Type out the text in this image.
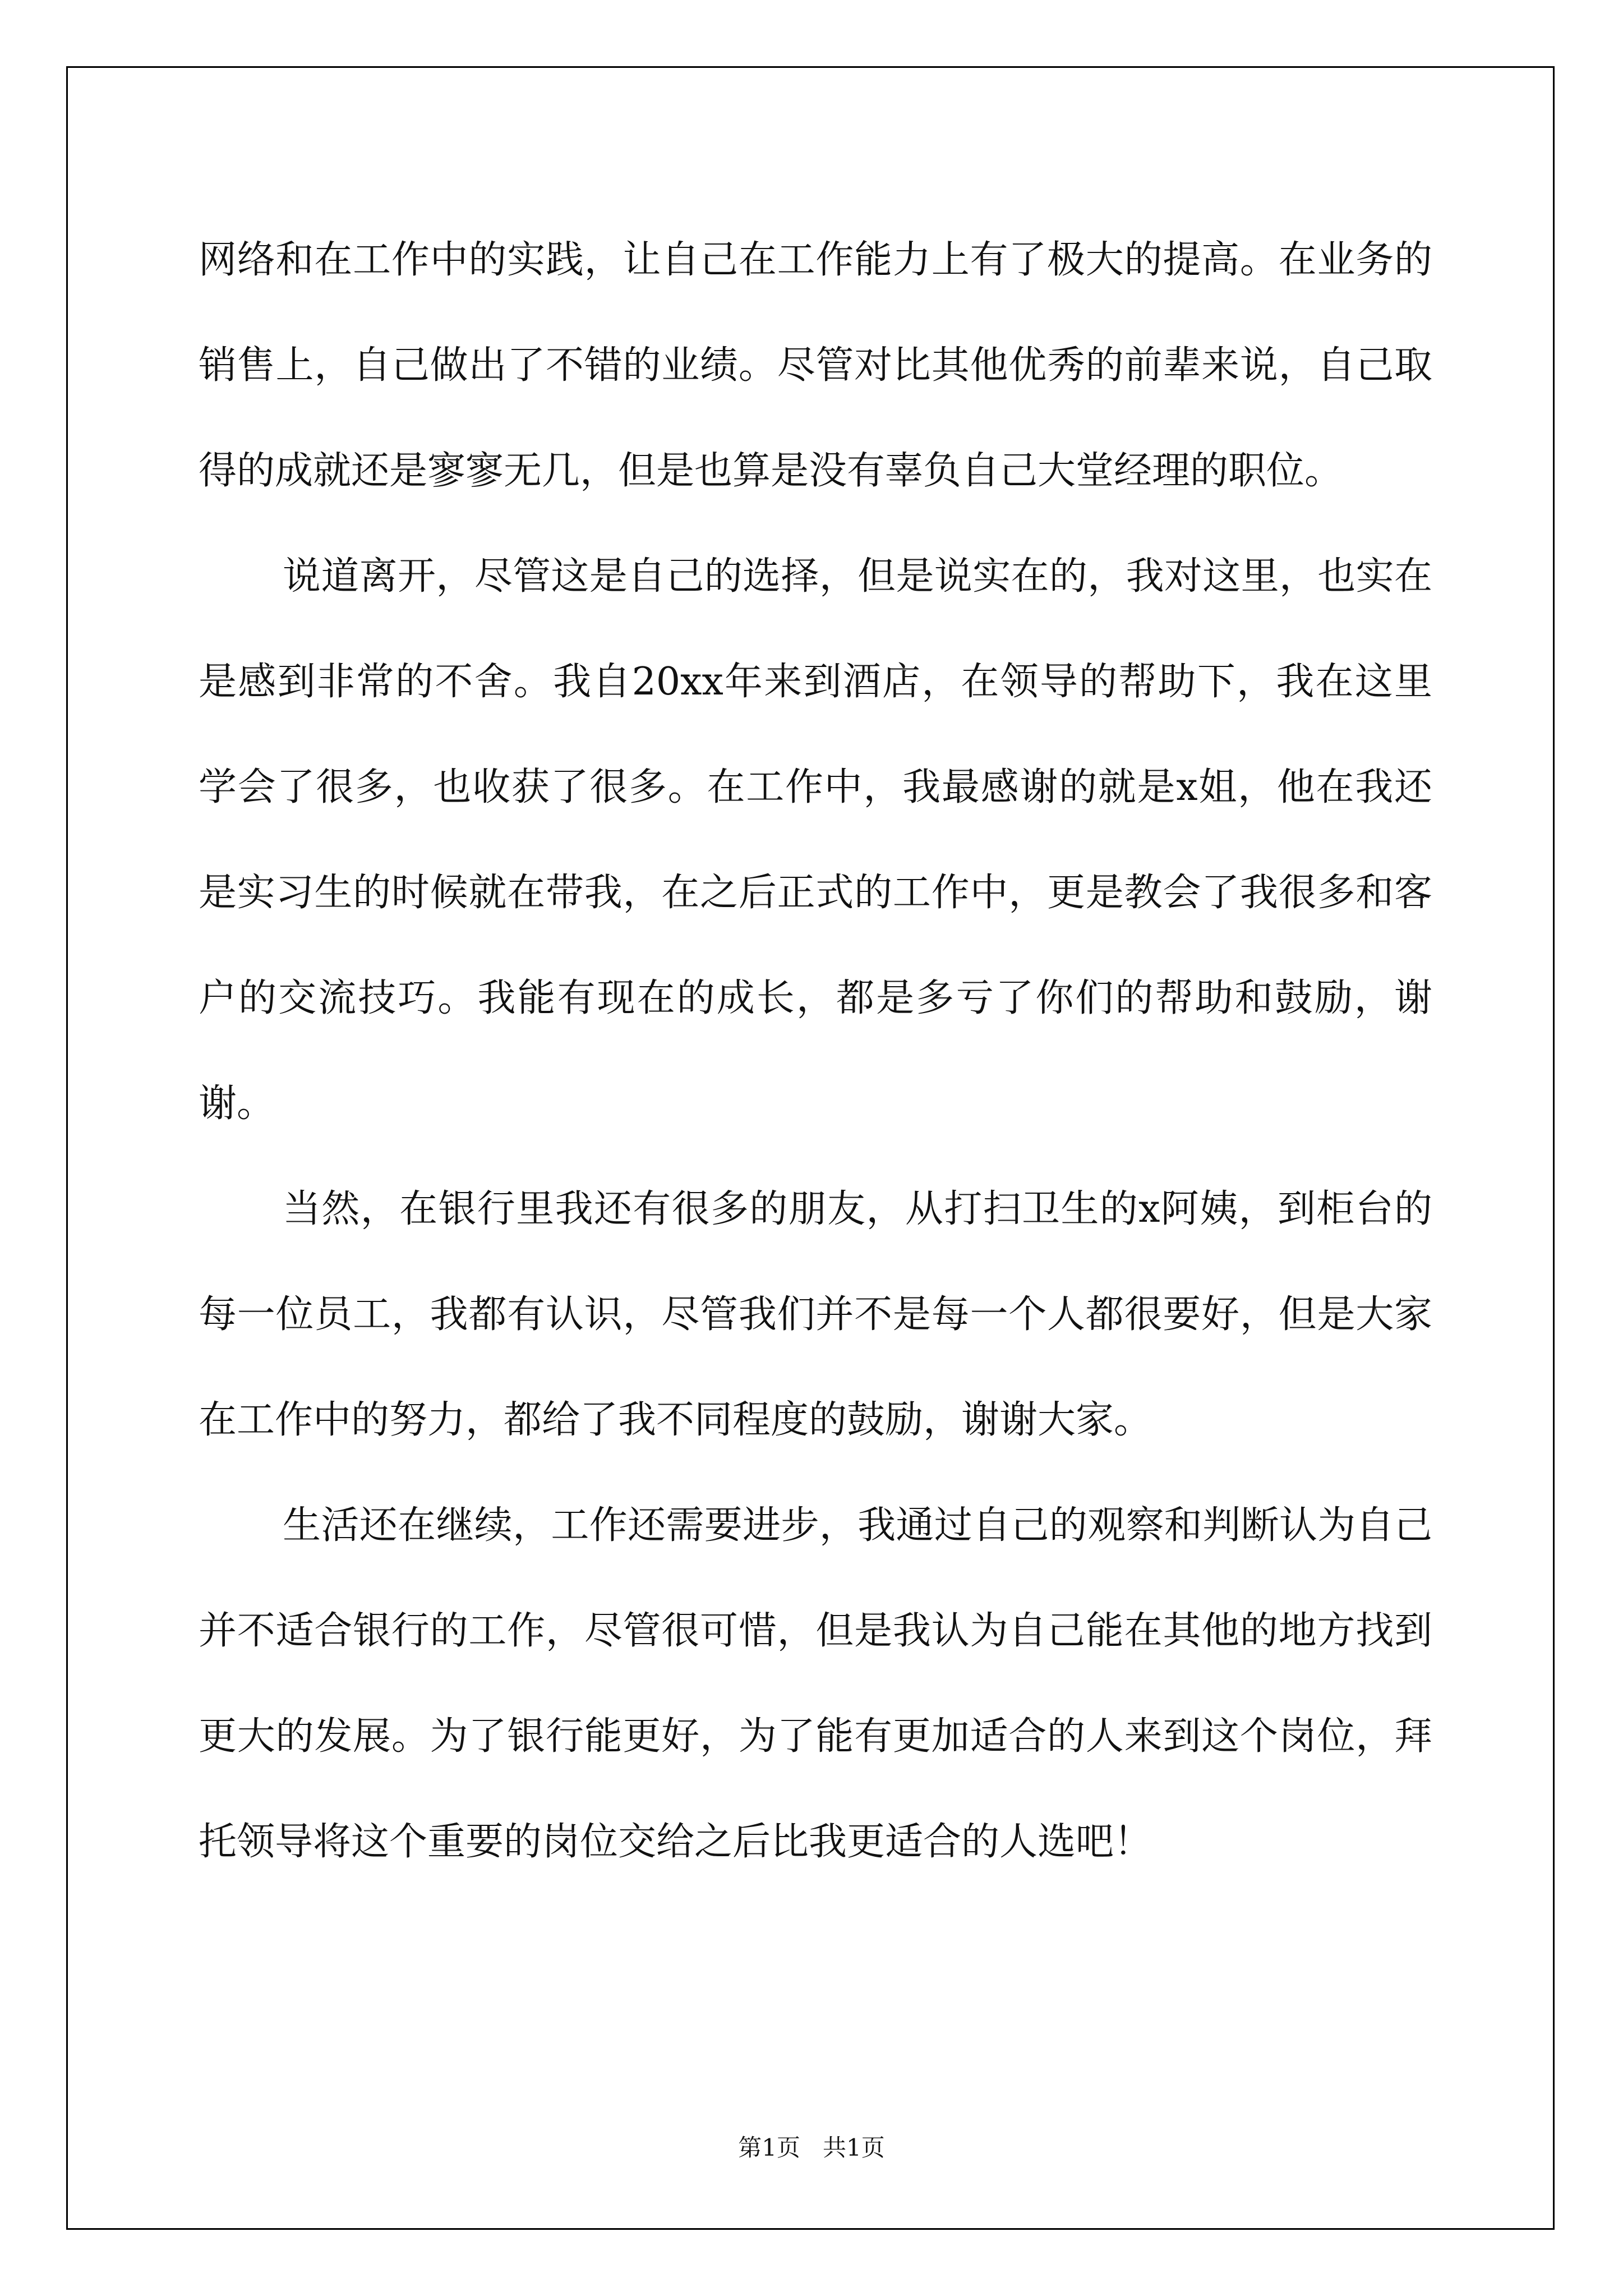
网络和在工作中的实践，让自己在工作能力上有了极大的提高。在业务的销售上，自己做出了不错的业绩。尽管对比其他优秀的前辈来说，自己取得的成就还是寥寥无几，但是也算是没有辜负自己大堂经理的职位。

说道离开，尽管这是自己的选择，但是说实在的，我对这里，也实在是感到非常的不舍。我自20xx年来到酒店，在领导的帮助下，我在这里学会了很多，也收获了很多。在工作中，我最感谢的就是x姐，他在我还是实习生的时候就在带我，在之后正式的工作中，更是教会了我很多和客户的交流技巧。我能有现在的成长，都是多亏了你们的帮助和鼓励，谢谢。

当然，在银行里我还有很多的朋友，从打扫卫生的x阿姨，到柜台的每一位员工，我都有认识，尽管我们并不是每一个人都很要好，但是大家在工作中的努力，都给了我不同程度的鼓励，谢谢大家。

生活还在继续，工作还需要进步，我通过自己的观察和判断认为自己并不适合银行的工作，尽管很可惜，但是我认为自己能在其他的地方找到更大的发展。为了银行能更好，为了能有更加适合的人来到这个岗位，拜托领导将这个重要的岗位交给之后比我更适合的人选吧！

第1页   共1页
